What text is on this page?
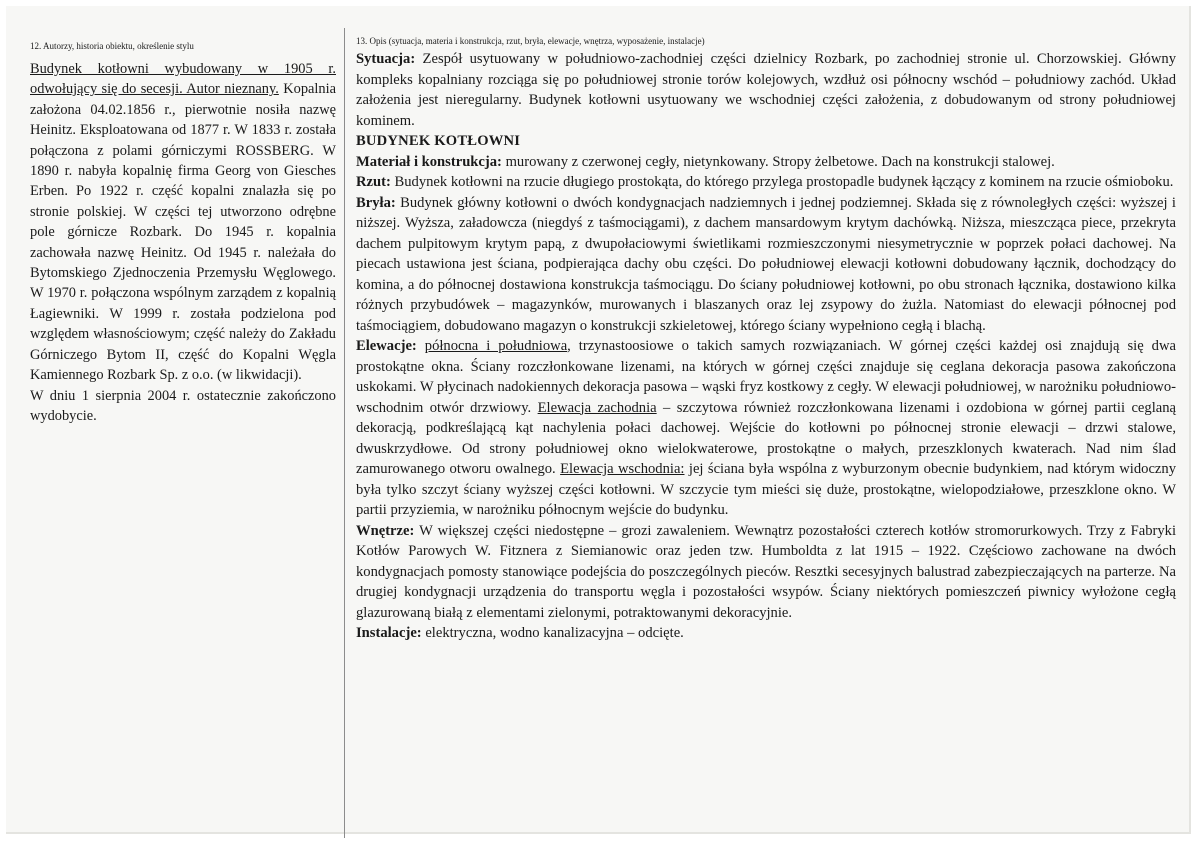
12. Autorzy, historia obiektu, określenie stylu

Budynek kotłowni wybudowany w 1905 r. odwołujący się do secesji. Autor nieznany. Kopalnia założona 04.02.1856 r., pierwotnie nosiła nazwę Heinitz. Eksploatowana od 1877 r. W 1833 r. została połączona z polami górniczymi ROSSBERG. W 1890 r. nabyła kopalnię firma Georg von Giesches Erben. Po 1922 r. część kopalni znalazła się po stronie polskiej. W części tej utworzono odrębne pole górnicze Rozbark. Do 1945 r. kopalnia zachowała nazwę Heinitz. Od 1945 r. należała do Bytomskiego Zjednoczenia Przemysłu Węglowego. W 1970 r. połączona wspólnym zarządem z kopalnią Łagiewniki. W 1999 r. została podzielona pod względem własnościowym; część należy do Zakładu Górniczego Bytom II, część do Kopalni Węgla Kamiennego Rozbark Sp. z o.o. (w likwidacji).

W dniu 1 sierpnia 2004 r. ostatecznie zakończono wydobycie.

13. Opis (sytuacja, materia i konstrukcja, rzut, bryła, elewacje, wnętrza, wyposażenie, instalacje)

Sytuacja: Zespół usytuowany w południowo-zachodniej części dzielnicy Rozbark, po zachodniej stronie ul. Chorzowskiej. Główny kompleks kopalniany rozciąga się po południowej stronie torów kolejowych, wzdłuż osi północny wschód – południowy zachód. Układ założenia jest nieregularny. Budynek kotłowni usytuowany we wschodniej części założenia, z dobudowanym od strony południowej kominem.

BUDYNEK KOTŁOWNI

Materiał i konstrukcja: murowany z czerwonej cegły, nietynkowany. Stropy żelbetowe. Dach na konstrukcji stalowej.

Rzut: Budynek kotłowni na rzucie długiego prostokąta, do którego przylega prostopadle budynek łączący z kominem na rzucie ośmioboku.

Bryła: Budynek główny kotłowni o dwóch kondygnacjach nadziemnych i jednej podziemnej. Składa się z równoległych części: wyższej i niższej. Wyższa, załadowcza (niegdyś z taśmociągami), z dachem mansardowym krytym dachówką. Niższa, mieszcząca piece, przekryta dachem pulpitowym krytym papą, z dwupołaciowymi świetlikami rozmieszczonymi niesymetrycznie w poprzek połaci dachowej. Na piecach ustawiona jest ściana, podpierająca dachy obu części. Do południowej elewacji kotłowni dobudowany łącznik, dochodzący do komina, a do północnej dostawiona konstrukcja taśmociągu. Do ściany południowej kotłowni, po obu stronach łącznika, dostawiono kilka różnych przybudówek – magazynków, murowanych i blaszanych oraz lej zsypowy do żużla. Natomiast do elewacji północnej pod taśmociągiem, dobudowano magazyn o konstrukcji szkieletowej, którego ściany wypełniono cegłą i blachą.

Elewacje: północna i południowa, trzynastoosiowe o takich samych rozwiązaniach. W górnej części każdej osi znajdują się dwa prostokątne okna. Ściany rozczłonkowane lizenami, na których w górnej części znajduje się ceglana dekoracja pasowa zakończona uskokami. W płycinach nadokiennych dekoracja pasowa – wąski fryz kostkowy z cegły. W elewacji południowej, w narożniku południowo-wschodnim otwór drzwiowy. Elewacja zachodnia – szczytowa również rozczłonkowana lizenami i ozdobiona w górnej partii ceglaną dekoracją, podkreślającą kąt nachylenia połaci dachowej. Wejście do kotłowni po północnej stronie elewacji – drzwi stalowe, dwuskrzydłowe. Od strony południowej okno wielokwaterowe, prostokątne o małych, przeszklonych kwaterach. Nad nim ślad zamurowanego otworu owalnego. Elewacja wschodnia: jej ściana była wspólna z wyburzonym obecnie budynkiem, nad którym widoczny była tylko szczyt ściany wyższej części kotłowni. W szczycie tym mieści się duże, prostokątne, wielopodziałowe, przeszklone okno. W partii przyziemia, w narożniku północnym wejście do budynku.

Wnętrze: W większej części niedostępne – grozi zawaleniem. Wewnątrz pozostałości czterech kotłów stromorurkowych. Trzy z Fabryki Kotłów Parowych W. Fitznera z Siemianowic oraz jeden tzw. Humboldta z lat 1915 – 1922. Częściowo zachowane na dwóch kondygnacjach pomosty stanowiące podejścia do poszczególnych pieców. Resztki secesyjnych balustrad zabezpieczających na parterze. Na drugiej kondygnacji urządzenia do transportu węgla i pozostałości wsypów. Ściany niektórych pomieszczeń piwnicy wyłożone cegłą glazurowaną białą z elementami zielonymi, potraktowanymi dekoracyjnie.

Instalacje: elektryczna, wodno kanalizacyjna – odcięte.
